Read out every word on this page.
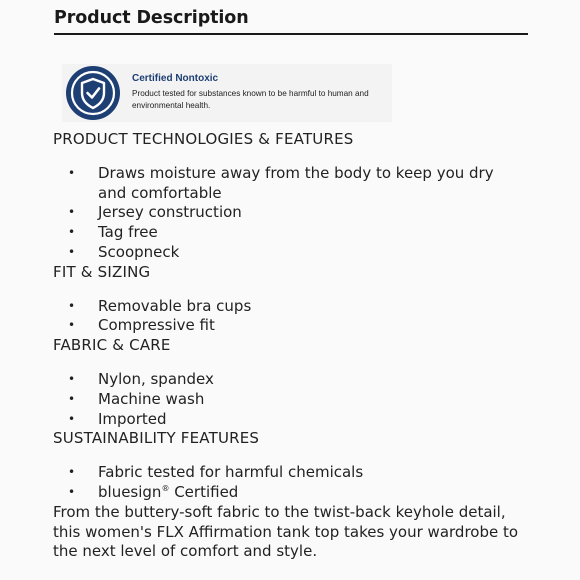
Product Description
Certified Nontoxic
Product tested for substances known to be harmful to human and environmental health.
PRODUCT TECHNOLOGIES & FEATURES
• Draws moisture away from the body to keep you dry and comfortable
• Jersey construction
• Tag free
• Scoopneck
FIT & SIZING
• Removable bra cups
• Compressive fit
FABRIC & CARE
• Nylon, spandex
• Machine wash
• Imported
SUSTAINABILITY FEATURES
• Fabric tested for harmful chemicals
• bluesign® Certified

From the buttery-soft fabric to the twist-back keyhole detail, this women's FLX Affirmation tank top takes your wardrobe to the next level of comfort and style.
